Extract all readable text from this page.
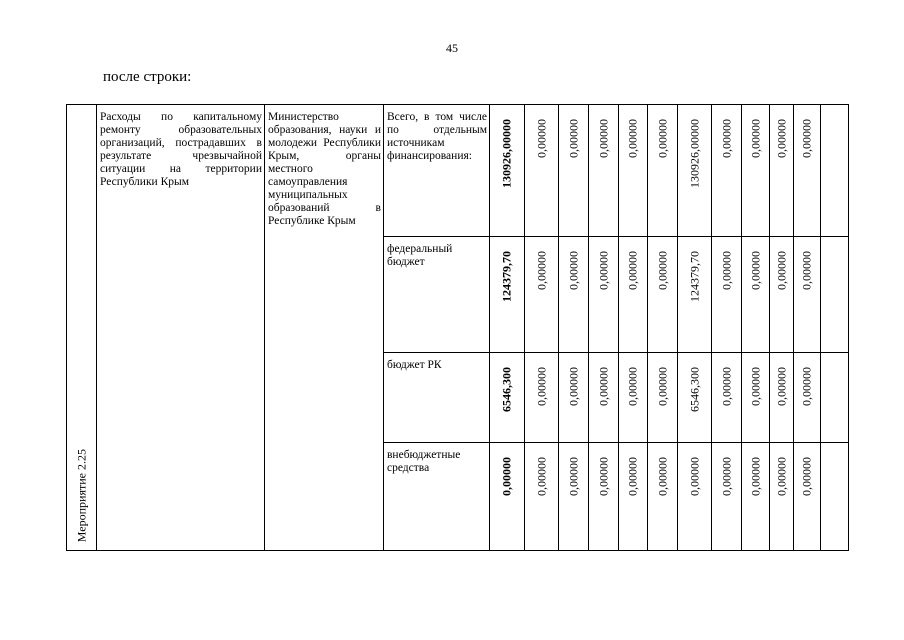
45
после строки:
Мероприятие 2.25	Расходы по капитальному ремонту образовательных организаций, пострадавших в результате чрезвычайной ситуации на территории Республики Крым	Министерство образования, науки и молодежи Республики Крым, органы местного самоуправления муниципальных образований в Республике Крым	Всего, в том числе по отдельным источникам финансирования:	130926,00000	0,00000	0,00000	0,00000	0,00000	0,00000	130926,00000	0,00000	0,00000	0,00000	0,00000	

			федеральный бюджет	124379,70	0,00000	0,00000	0,00000	0,00000	0,00000	124379,70	0,00000	0,00000	0,00000	0,00000	

			бюджет РК	6546,300	0,00000	0,00000	0,00000	0,00000	0,00000	6546,300	0,00000	0,00000	0,00000	0,00000	

			внебюджетные средства	0,00000	0,00000	0,00000	0,00000	0,00000	0,00000	0,00000	0,00000	0,00000	0,00000	0,00000	
